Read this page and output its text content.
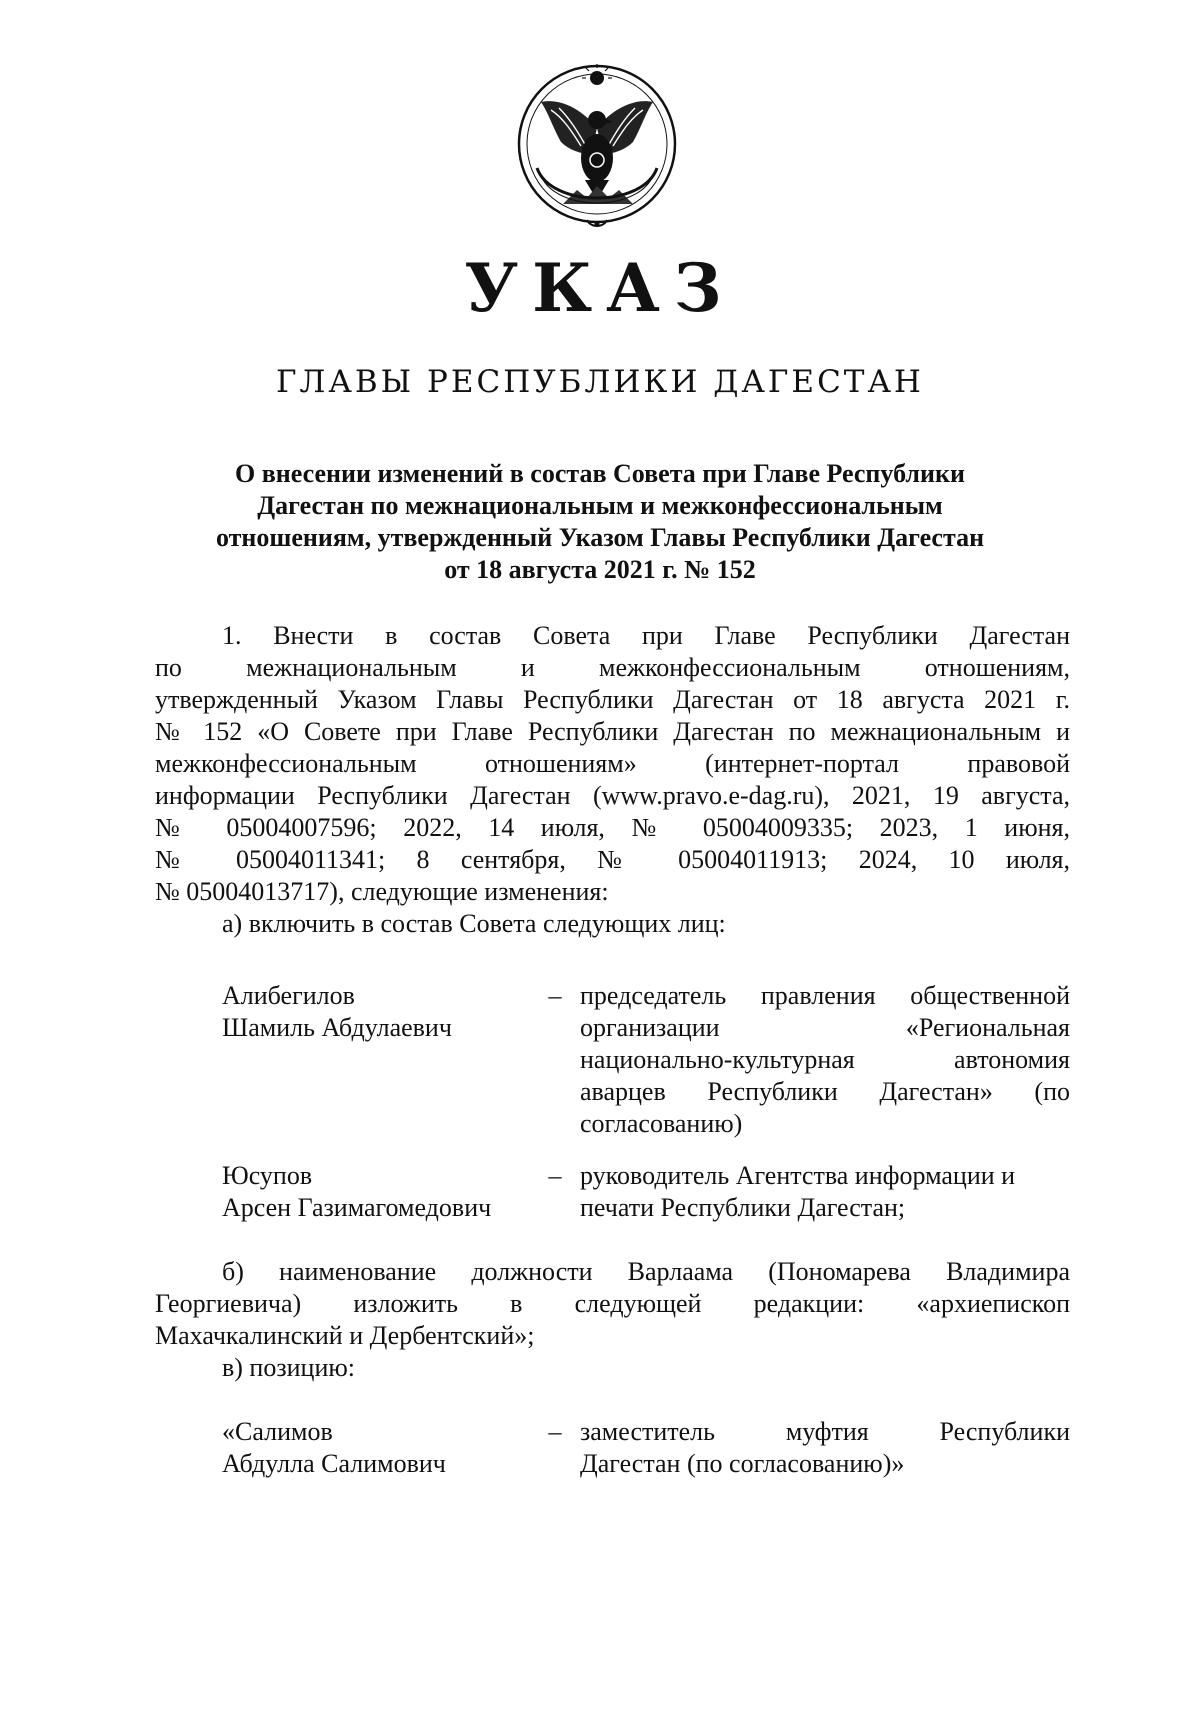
УКАЗ
ГЛАВЫ РЕСПУБЛИКИ ДАГЕСТАН
О внесении изменений в состав Совета при Главе Республики
Дагестан по межнациональным и межконфессиональным
отношениям, утвержденный Указом Главы Республики Дагестан
от 18 августа 2021 г. № 152
1. Внести в состав Совета при Главе Республики Дагестан
по межнациональным и межконфессиональным отношениям,
утвержденный Указом Главы Республики Дагестан от 18 августа 2021 г.
№ 152 «О Совете при Главе Республики Дагестан по межнациональным и
межконфессиональным отношениям» (интернет-портал правовой
информации Республики Дагестан (www.pravo.e-dag.ru), 2021, 19 августа,
№ 05004007596; 2022, 14 июля, № 05004009335; 2023, 1 июня,
№ 05004011341; 8 сентября, № 05004011913; 2024, 10 июля,
№ 05004013717), следующие изменения:
а) включить в состав Совета следующих лиц:
Алибегилов
Шамиль Абдулаевич
– председатель правления общественной
организации «Региональная
национально-культурная автономия
аварцев Республики Дагестан» (по
согласованию)
Юсупов
Арсен Газимагомедович
– руководитель Агентства информации и
печати Республики Дагестан;
б) наименование должности Варлаама (Пономарева Владимира
Георгиевича) изложить в следующей редакции: «архиепископ
Махачкалинский и Дербентский»;
в) позицию:
«Салимов
Абдулла Салимович
– заместитель муфтия Республики
Дагестан (по согласованию)»
